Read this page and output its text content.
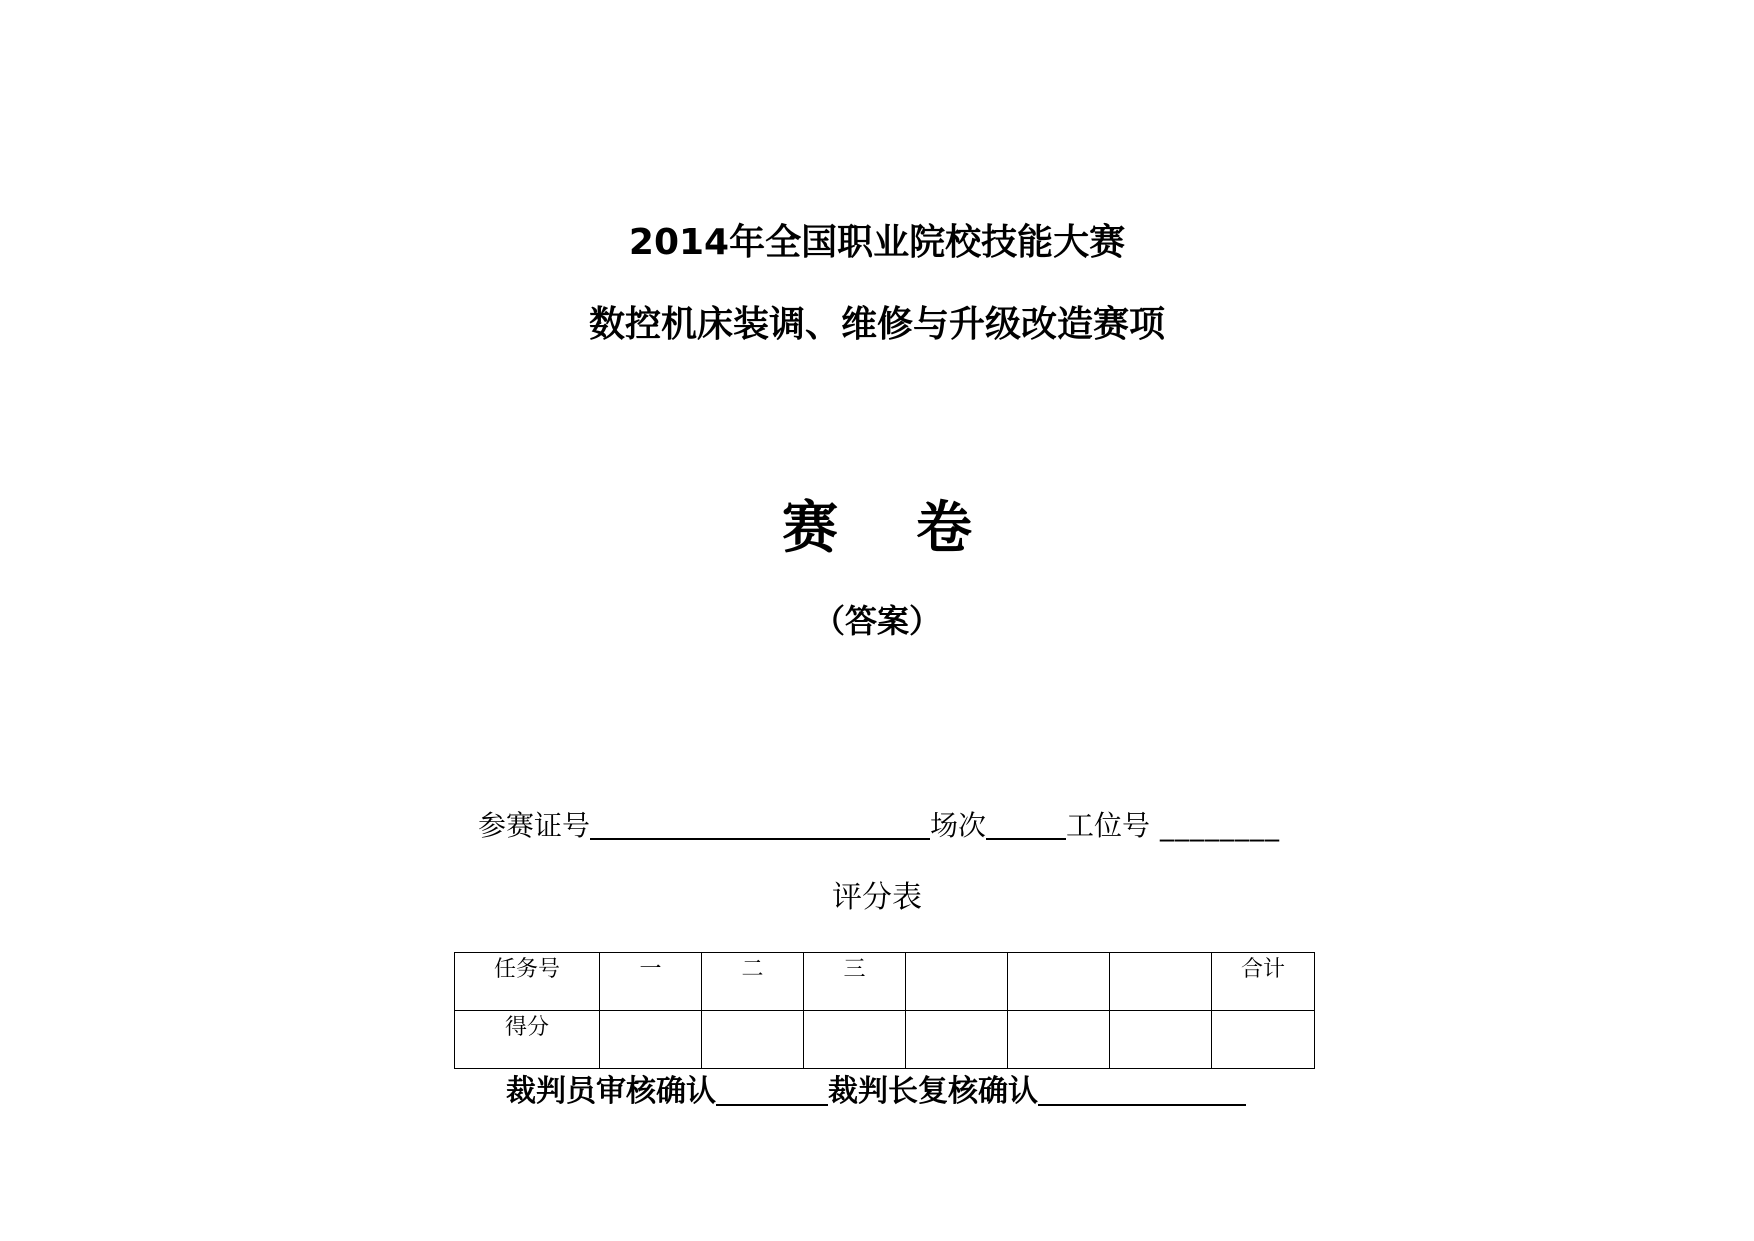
2014年全国职业院校技能大赛
数控机床装调、维修与升级改造赛项
赛 卷
（答案）
参赛证号	场次	工位号 ________
评分表
任务号	一	二	三				合计
得分							
裁判员审核确认	裁判长复核确认
